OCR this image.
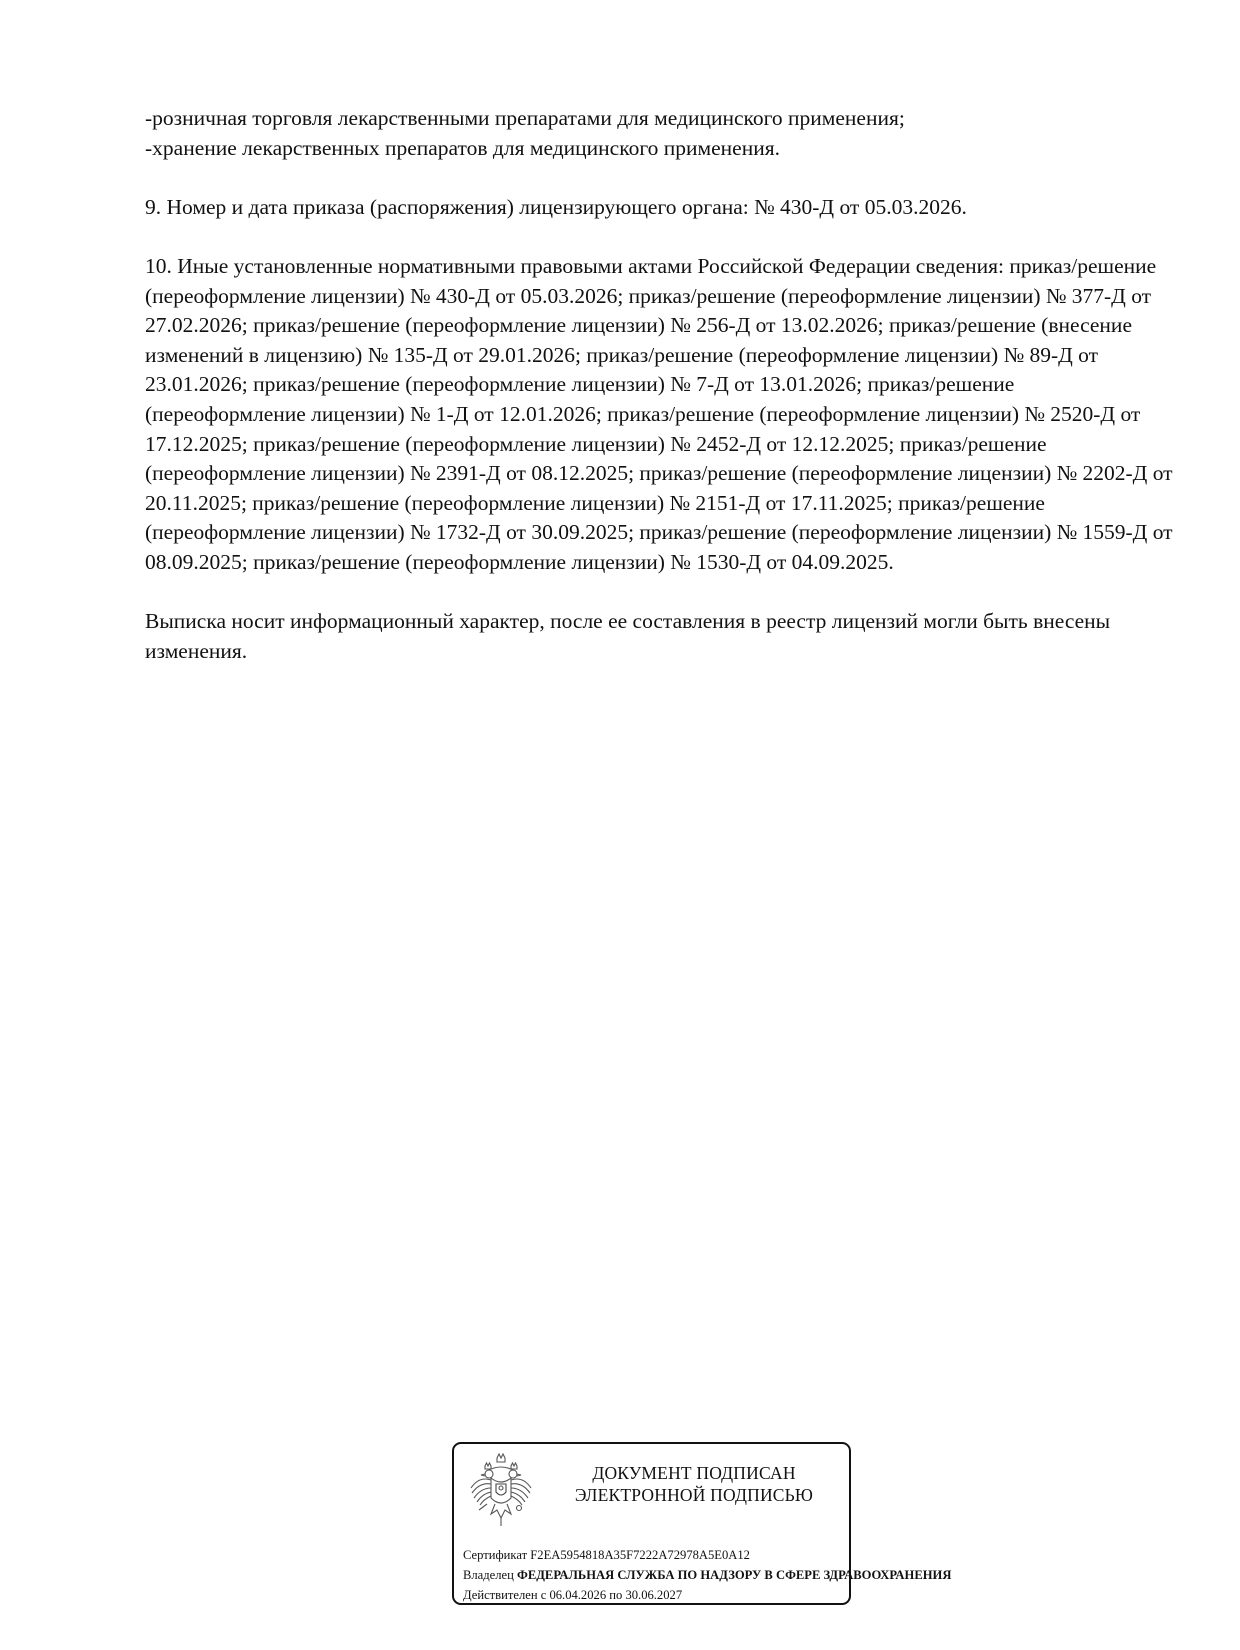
-розничная торговля лекарственными препаратами для медицинского применения;

-хранение лекарственных препаратов для медицинского применения.

9. Номер и дата приказа (распоряжения) лицензирующего органа: № 430-Д от 05.03.2026.

10. Иные установленные нормативными правовыми актами Российской Федерации сведения: приказ/решение (переоформление лицензии) № 430-Д от 05.03.2026; приказ/решение (переоформление лицензии) № 377-Д от 27.02.2026; приказ/решение (переоформление лицензии) № 256-Д от 13.02.2026; приказ/решение (внесение изменений в лицензию) № 135-Д от 29.01.2026; приказ/решение (переоформление лицензии) № 89-Д от 23.01.2026; приказ/решение (переоформление лицензии) № 7-Д от 13.01.2026; приказ/решение (переоформление лицензии) № 1-Д от 12.01.2026; приказ/решение (переоформление лицензии) № 2520-Д от 17.12.2025; приказ/решение (переоформление лицензии) № 2452-Д от 12.12.2025; приказ/решение (переоформление лицензии) № 2391-Д от 08.12.2025; приказ/решение (переоформление лицензии) № 2202-Д от 20.11.2025; приказ/решение (переоформление лицензии) № 2151-Д от 17.11.2025; приказ/решение (переоформление лицензии) № 1732-Д от 30.09.2025; приказ/решение (переоформление лицензии) № 1559-Д от 08.09.2025; приказ/решение (переоформление лицензии) № 1530-Д от 04.09.2025.

Выписка носит информационный характер, после ее составления в реестр лицензий могли быть внесены изменения.

ДОКУМЕНТ ПОДПИСАН
ЭЛЕКТРОННОЙ ПОДПИСЬЮ
Сертификат F2EA5954818A35F7222A72978A5E0A12
Владелец ФЕДЕРАЛЬНАЯ СЛУЖБА ПО НАДЗОРУ В СФЕРЕ ЗДРАВООХРАНЕНИЯ
Действителен с 06.04.2026 по 30.06.2027
